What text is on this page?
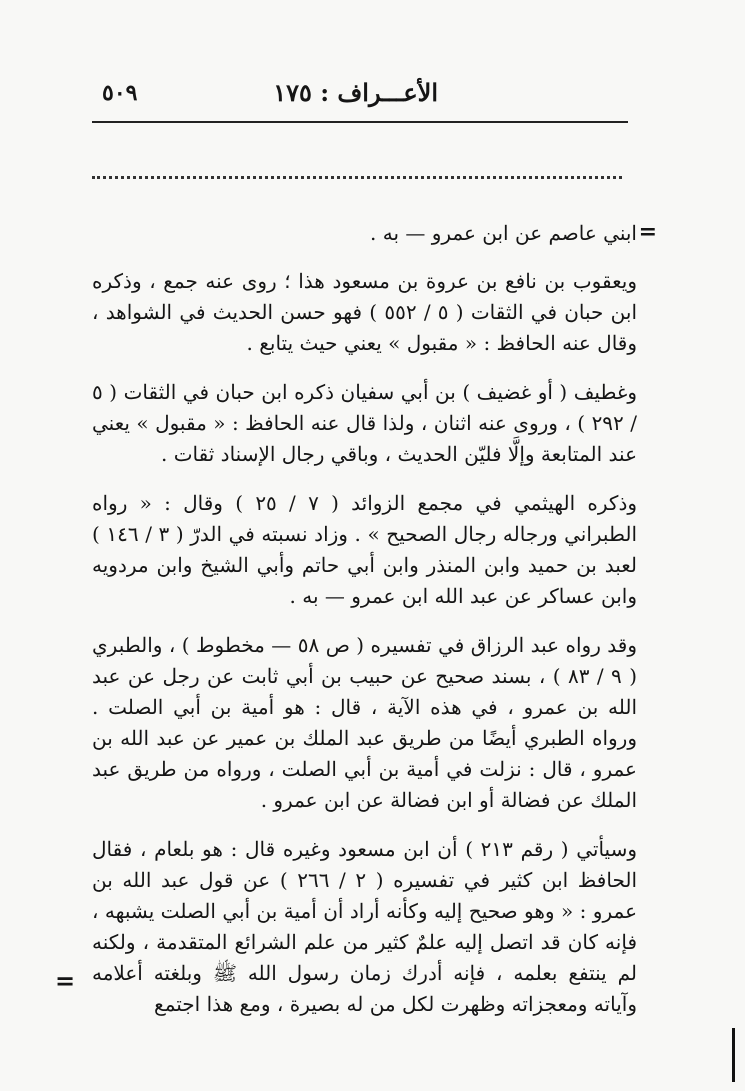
الأعـــراف : ١٧٥
٥٠٩

=
ابني عاصم عن ابن عمرو — به .

ويعقوب بن نافع بن عروة بن مسعود هذا ؛ روى عنه جمع ، وذكره ابن حبان في الثقات ( ٥ / ٥٥٢ ) فهو حسن الحديث في الشواهد ، وقال عنه الحافظ : « مقبول » يعني حيث يتابع .

وغطيف ( أو غضيف ) بن أبي سفيان ذكره ابن حبان في الثقات ( ٥ / ٢٩٢ ) ، وروى عنه اثنان ، ولذا قال عنه الحافظ : « مقبول » يعني عند المتابعة وإلَّا فليّن الحديث ، وباقي رجال الإسناد ثقات .

وذكره الهيثمي في مجمع الزوائد ( ٧ / ٢٥ ) وقال : « رواه الطبراني ورجاله رجال الصحيح » . وزاد نسبته في الدرّ ( ٣ / ١٤٦ ) لعبد بن حميد وابن المنذر وابن أبي حاتم وأبي الشيخ وابن مردويه وابن عساكر عن عبد الله ابن عمرو — به .

وقد رواه عبد الرزاق في تفسيره ( ص ٥٨ — مخطوط ) ، والطبري ( ٩ / ٨٣ ) ، بسند صحيح عن حبيب بن أبي ثابت عن رجل عن عبد الله بن عمرو ، في هذه الآية ، قال : هو أمية بن أبي الصلت . ورواه الطبري أيضًا من طريق عبد الملك بن عمير عن عبد الله بن عمرو ، قال : نزلت في أمية بن أبي الصلت ، ورواه من طريق عبد الملك عن فضالة أو ابن فضالة عن ابن عمرو .

وسيأتي ( رقم ٢١٣ ) أن ابن مسعود وغيره قال : هو بلعام ، فقال الحافظ ابن كثير في تفسيره ( ٢ / ٢٦٦ ) عن قول عبد الله بن عمرو : « وهو صحيح إليه وكأنه أراد أن أمية بن أبي الصلت يشبهه ، فإنه كان قد اتصل إليه علمٌ كثير من علم الشرائع المتقدمة ، ولكنه لم ينتفع بعلمه ، فإنه أدرك زمان رسول الله ﷺ وبلغته أعلامه وآياته ومعجزاته وظهرت لكل من له بصيرة ، ومع هذا اجتمع

=
